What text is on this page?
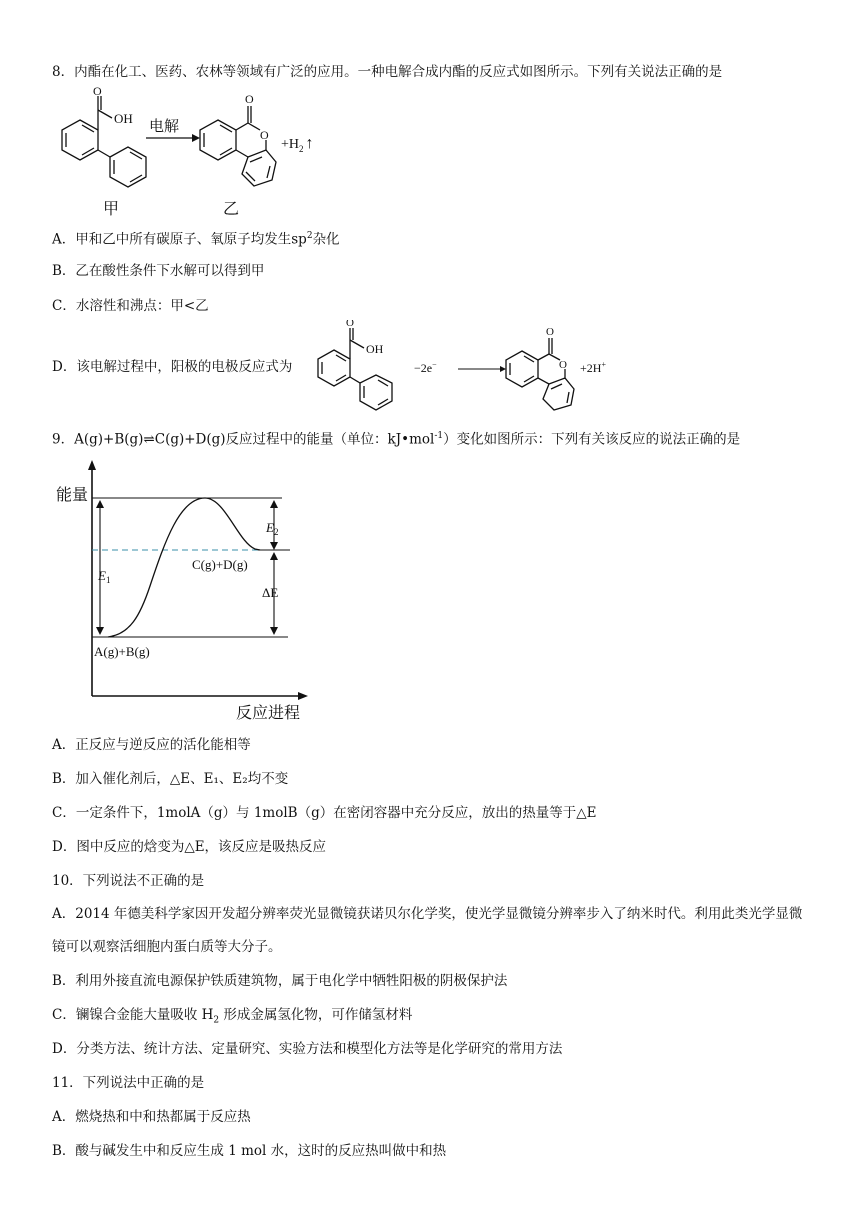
8．内酯在化工、医药、农林等领域有广泛的应用。一种电解合成内酯的反应式如图所示。下列有关说法正确的是
O
OH
电解
O
O
$+H_2$ ↑
甲	乙
A．甲和乙中所有碳原子、氧原子均发生$sp^2$杂化
B．乙在酸性条件下水解可以得到甲
C．水溶性和沸点：甲<乙
D．该电解过程中，阳极的电极反应式为
O
OH
−2e−
O
O +2H+
9．A(g)+B(g)⇌C(g)+D(g)反应过程中的能量（单位：kJ•mol$^{-1}$）变化如图所示：下列有关该反应的说法正确的是
能量
反应进程
$E_1$
$E_2$
ΔE
C(g)+D(g)
A(g)+B(g)
A．正反应与逆反应的活化能相等
B．加入催化剂后，△E、E₁、E₂均不变
C．一定条件下，1molA（g）与 1molB（g）在密闭容器中充分反应，放出的热量等于△E
D．图中反应的焓变为△E，该反应是吸热反应
10．下列说法不正确的是
A．2014 年德美科学家因开发超分辨率荧光显微镜获诺贝尔化学奖，使光学显微镜分辨率步入了纳米时代。利用此类光学显微镜可以观察活细胞内蛋白质等大分子。
B．利用外接直流电源保护铁质建筑物，属于电化学中牺牲阳极的阴极保护法
C．镧镍合金能大量吸收 $H_2$ 形成金属氢化物，可作储氢材料
D．分类方法、统计方法、定量研究、实验方法和模型化方法等是化学研究的常用方法
11．下列说法中正确的是
A．燃烧热和中和热都属于反应热
B．酸与碱发生中和反应生成 1 mol 水，这时的反应热叫做中和热
